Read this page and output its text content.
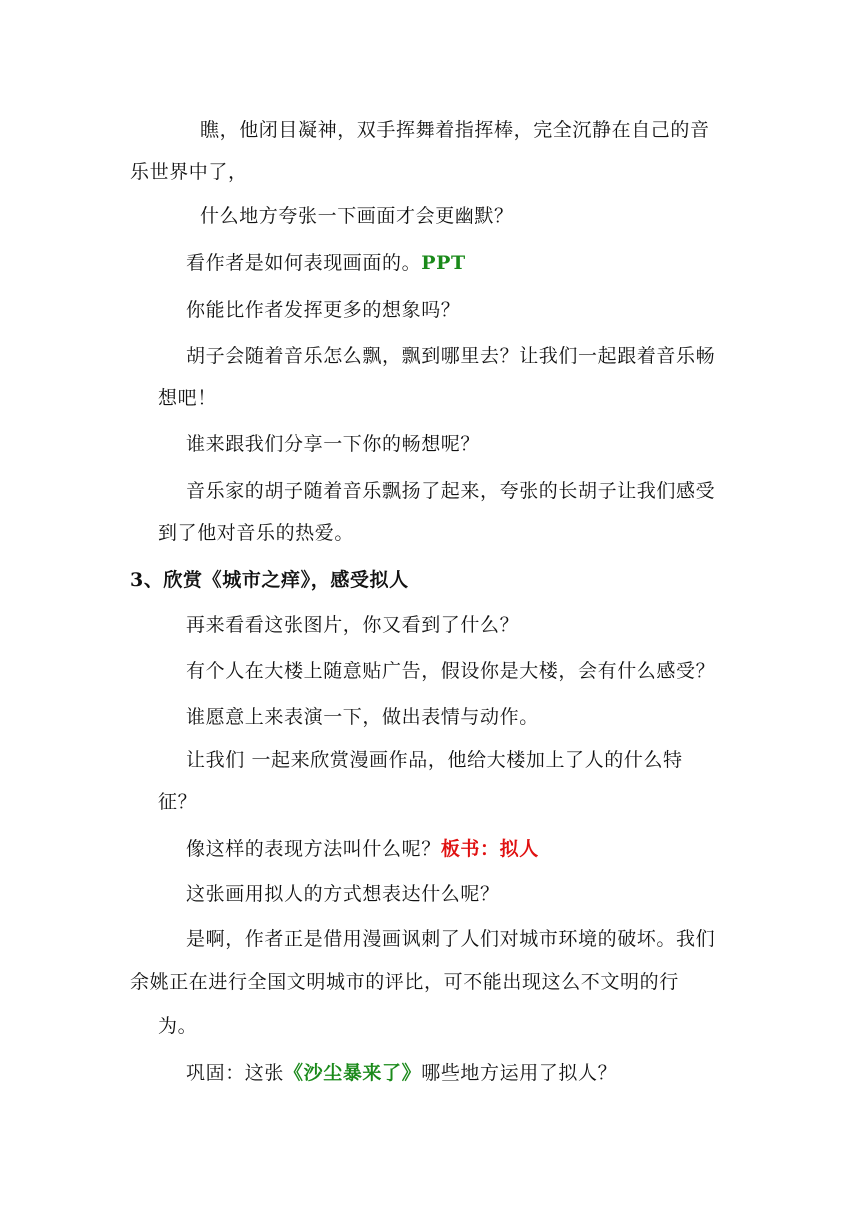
瞧，他闭目凝神，双手挥舞着指挥棒，完全沉静在自己的音
乐世界中了，
什么地方夸张一下画面才会更幽默？
看作者是如何表现画面的。PPT
你能比作者发挥更多的想象吗？
胡子会随着音乐怎么飘，飘到哪里去？让我们一起跟着音乐畅
想吧！
谁来跟我们分享一下你的畅想呢？
音乐家的胡子随着音乐飘扬了起来，夸张的长胡子让我们感受
到了他对音乐的热爱。
3、欣赏《城市之痒》，感受拟人
再来看看这张图片，你又看到了什么？
有个人在大楼上随意贴广告，假设你是大楼，会有什么感受？
谁愿意上来表演一下，做出表情与动作。
让我们 一起来欣赏漫画作品，他给大楼加上了人的什么特
征？
像这样的表现方法叫什么呢？板书：拟人
这张画用拟人的方式想表达什么呢？
是啊，作者正是借用漫画讽刺了人们对城市环境的破坏。我们
余姚正在进行全国文明城市的评比，可不能出现这么不文明的行
为。
巩固：这张《沙尘暴来了》哪些地方运用了拟人？
